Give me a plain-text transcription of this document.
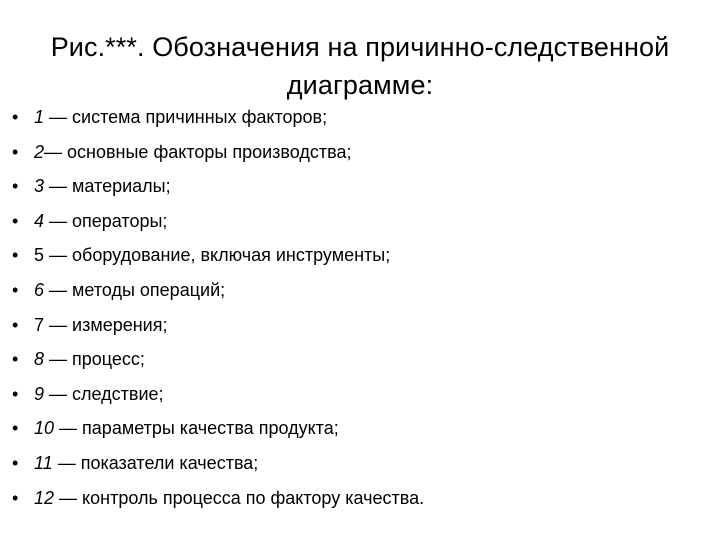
Рис.***. Обозначения на причинно-следственной диаграмме:
• 1 — система причинных факторов;
• 2 — основные факторы производства;
• 3 — материалы;
• 4 — операторы;
• 5 — оборудование, включая инструменты;
• 6 — методы операций;
• 7 — измерения;
• 8 — процесс;
• 9 — следствие;
• 10 — параметры качества продукта;
• 11 — показатели качества;
• 12 — контроль процесса по фактору качества.
